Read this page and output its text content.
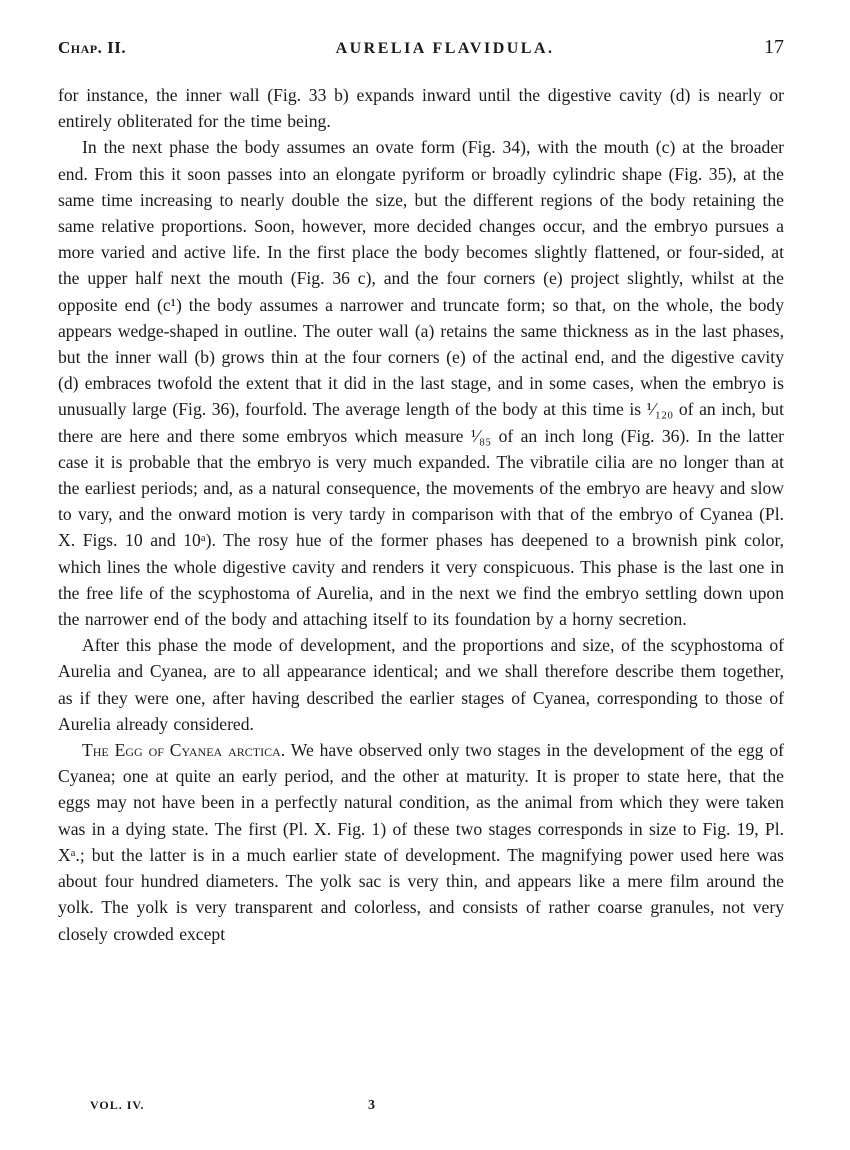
Chap. II.	AURELIA FLAVIDULA.	17

for instance, the inner wall (Fig. 33 b) expands inward until the digestive cavity (d) is nearly or entirely obliterated for the time being.

In the next phase the body assumes an ovate form (Fig. 34), with the mouth (c) at the broader end. From this it soon passes into an elongate pyriform or broadly cylindric shape (Fig. 35), at the same time increasing to nearly double the size, but the different regions of the body retaining the same relative proportions. Soon, however, more decided changes occur, and the embryo pursues a more varied and active life. In the first place the body becomes slightly flattened, or four-sided, at the upper half next the mouth (Fig. 36 c), and the four corners (e) project slightly, whilst at the opposite end (c¹) the body assumes a narrower and truncate form; so that, on the whole, the body appears wedge-shaped in outline. The outer wall (a) retains the same thickness as in the last phases, but the inner wall (b) grows thin at the four corners (e) of the actinal end, and the digestive cavity (d) embraces twofold the extent that it did in the last stage, and in some cases, when the embryo is unusually large (Fig. 36), fourfold. The average length of the body at this time is ¹⁄₁₂₀ of an inch, but there are here and there some embryos which measure ¹⁄₈₅ of an inch long (Fig. 36). In the latter case it is probable that the embryo is very much expanded. The vibratile cilia are no longer than at the earliest periods; and, as a natural consequence, the movements of the embryo are heavy and slow to vary, and the onward motion is very tardy in comparison with that of the embryo of Cyanea (Pl. X. Figs. 10 and 10ᵃ). The rosy hue of the former phases has deepened to a brownish pink color, which lines the whole digestive cavity and renders it very conspicuous. This phase is the last one in the free life of the scyphostoma of Aurelia, and in the next we find the embryo settling down upon the narrower end of the body and attaching itself to its foundation by a horny secretion.

After this phase the mode of development, and the proportions and size, of the scyphostoma of Aurelia and Cyanea, are to all appearance identical; and we shall therefore describe them together, as if they were one, after having described the earlier stages of Cyanea, corresponding to those of Aurelia already considered.

The Egg of Cyanea arctica. We have observed only two stages in the development of the egg of Cyanea; one at quite an early period, and the other at maturity. It is proper to state here, that the eggs may not have been in a perfectly natural condition, as the animal from which they were taken was in a dying state. The first (Pl. X. Fig. 1) of these two stages corresponds in size to Fig. 19, Pl. Xᵃ.; but the latter is in a much earlier state of development. The magnifying power used here was about four hundred diameters. The yolk sac is very thin, and appears like a mere film around the yolk. The yolk is very transparent and colorless, and consists of rather coarse granules, not very closely crowded except

VOL. IV.	3
